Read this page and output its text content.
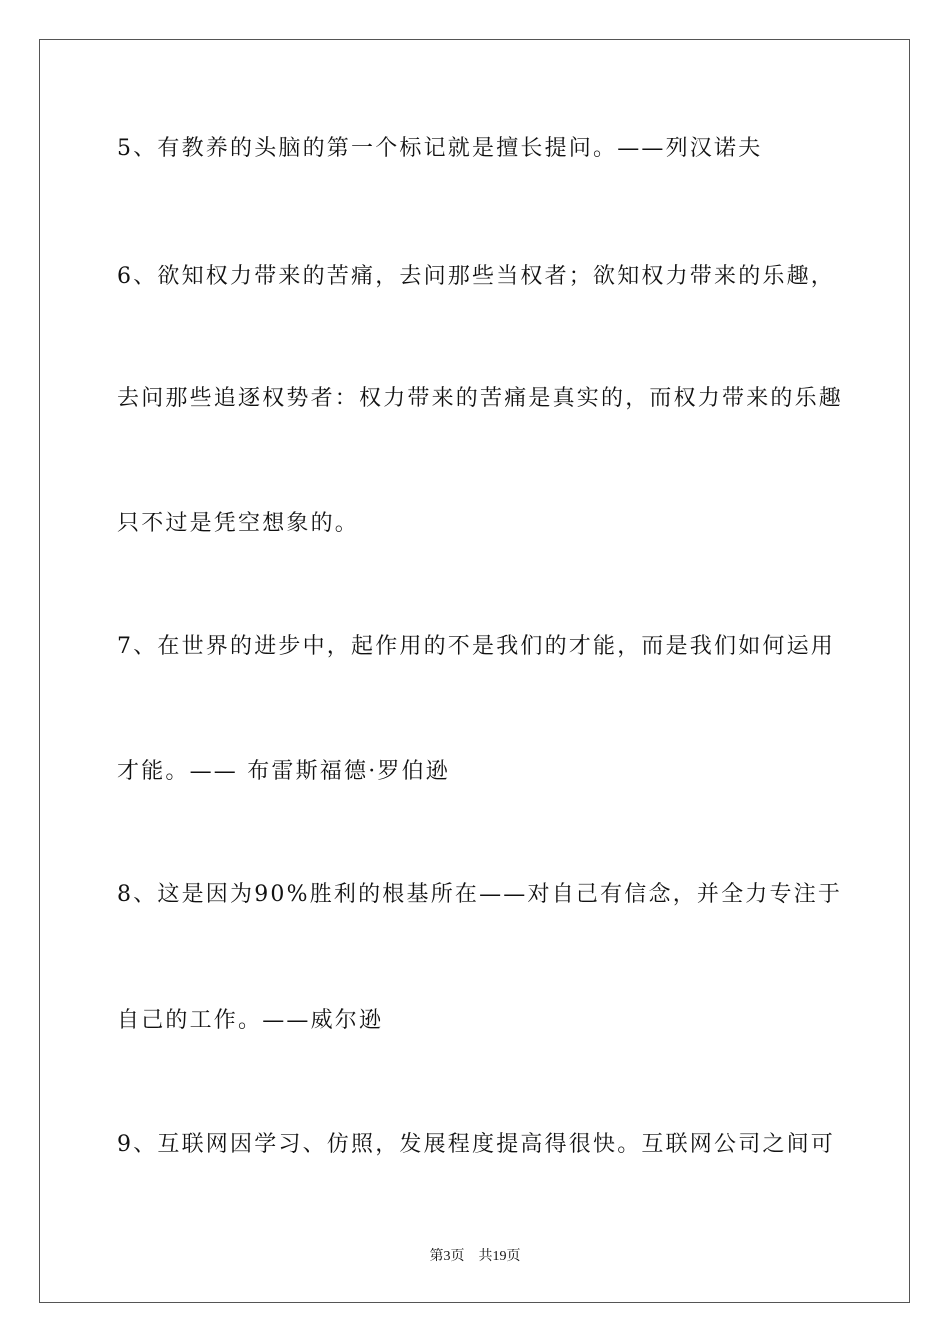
5、有教养的头脑的第一个标记就是擅长提问。——列汉诺夫
6、欲知权力带来的苦痛，去问那些当权者；欲知权力带来的乐趣，
去问那些追逐权势者：权力带来的苦痛是真实的，而权力带来的乐趣
只不过是凭空想象的。
7、在世界的进步中，起作用的不是我们的才能，而是我们如何运用
才能。—— 布雷斯福德·罗伯逊
8、这是因为90%胜利的根基所在——对自己有信念，并全力专注于
自己的工作。——威尔逊
9、互联网因学习、仿照，发展程度提高得很快。互联网公司之间可
第3页 共19页
